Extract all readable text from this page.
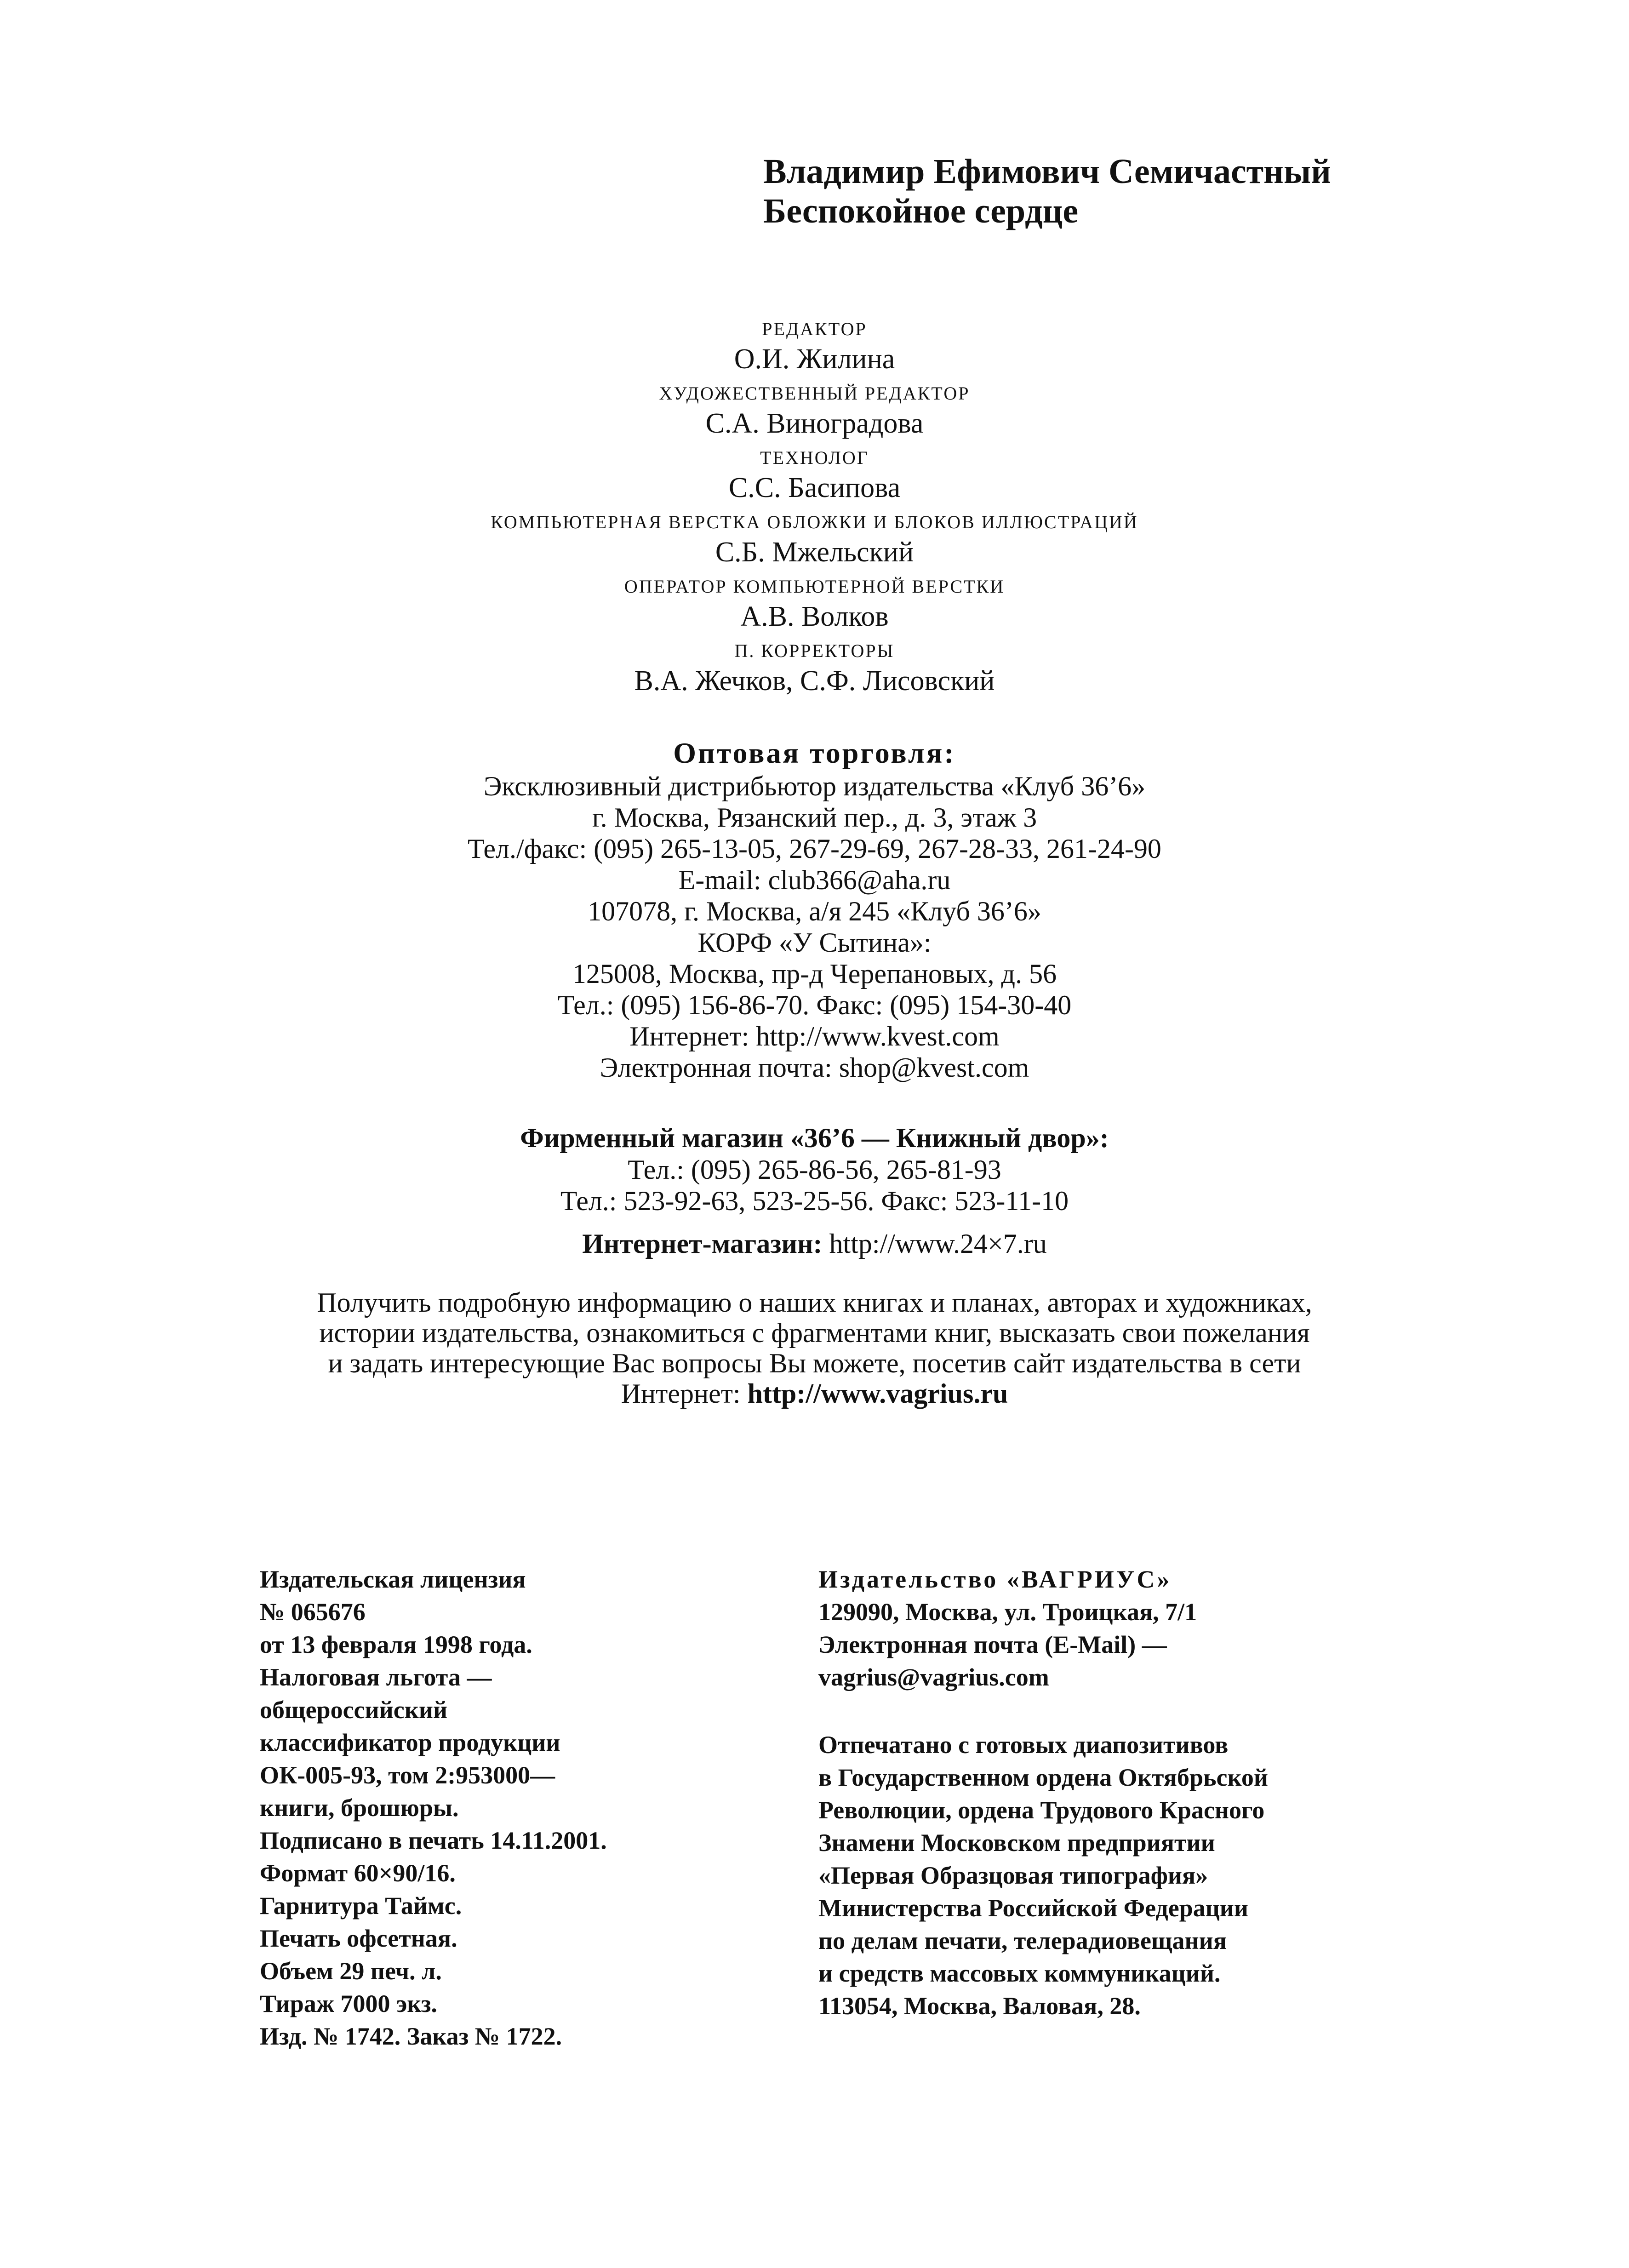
Владимир Ефимович Семичастный
Беспокойное сердце
РЕДАКТОР
О.И. Жилина
ХУДОЖЕСТВЕННЫЙ РЕДАКТОР
С.А. Виноградова
ТЕХНОЛОГ
С.С. Басипова
КОМПЬЮТЕРНАЯ ВЕРСТКА ОБЛОЖКИ И БЛОКОВ ИЛЛЮСТРАЦИЙ
С.Б. Мжельский
ОПЕРАТОР КОМПЬЮТЕРНОЙ ВЕРСТКИ
А.В. Волков
П. КОРРЕКТОРЫ
В.А. Жечков, С.Ф. Лисовский
Оптовая торговля:
Эксклюзивный дистрибьютор издательства «Клуб 36’6»
г. Москва, Рязанский пер., д. 3, этаж 3
Тел./факс: (095) 265-13-05, 267-29-69, 267-28-33, 261-24-90
E-mail: club366@aha.ru
107078, г. Москва, а/я 245 «Клуб 36’6»
КОРФ «У Сытина»:
125008, Москва, пр-д Черепановых, д. 56
Тел.: (095) 156-86-70. Факс: (095) 154-30-40
Интернет: http://www.kvest.com
Электронная почта: shop@kvest.com
Фирменный магазин «36’6 — Книжный двор»:
Тел.: (095) 265-86-56, 265-81-93
Тел.: 523-92-63, 523-25-56. Факс: 523-11-10
Интернет-магазин: http://www.24×7.ru
Получить подробную информацию о наших книгах и планах, авторах и художниках,
истории издательства, ознакомиться с фрагментами книг, высказать свои пожелания
и задать интересующие Вас вопросы Вы можете, посетив сайт издательства в сети
Интернет: http://www.vagrius.ru
Издательская лицензия
№ 065676
от 13 февраля 1998 года.
Налоговая льгота —
общероссийский
классификатор продукции
ОК-005-93, том 2:953000—
книги, брошюры.
Подписано в печать 14.11.2001.
Формат 60×90/16.
Гарнитура Таймс.
Печать офсетная.
Объем 29 печ. л.
Тираж 7000 экз.
Изд. № 1742. Заказ № 1722.
Издательство «ВАГРИУС»
129090, Москва, ул. Троицкая, 7/1
Электронная почта (E-Mail) —
vagrius@vagrius.com
Отпечатано с готовых диапозитивов
в Государственном ордена Октябрьской
Революции, ордена Трудового Красного
Знамени Московском предприятии
«Первая Образцовая типография»
Министерства Российской Федерации
по делам печати, телерадиовещания
и средств массовых коммуникаций.
113054, Москва, Валовая, 28.
